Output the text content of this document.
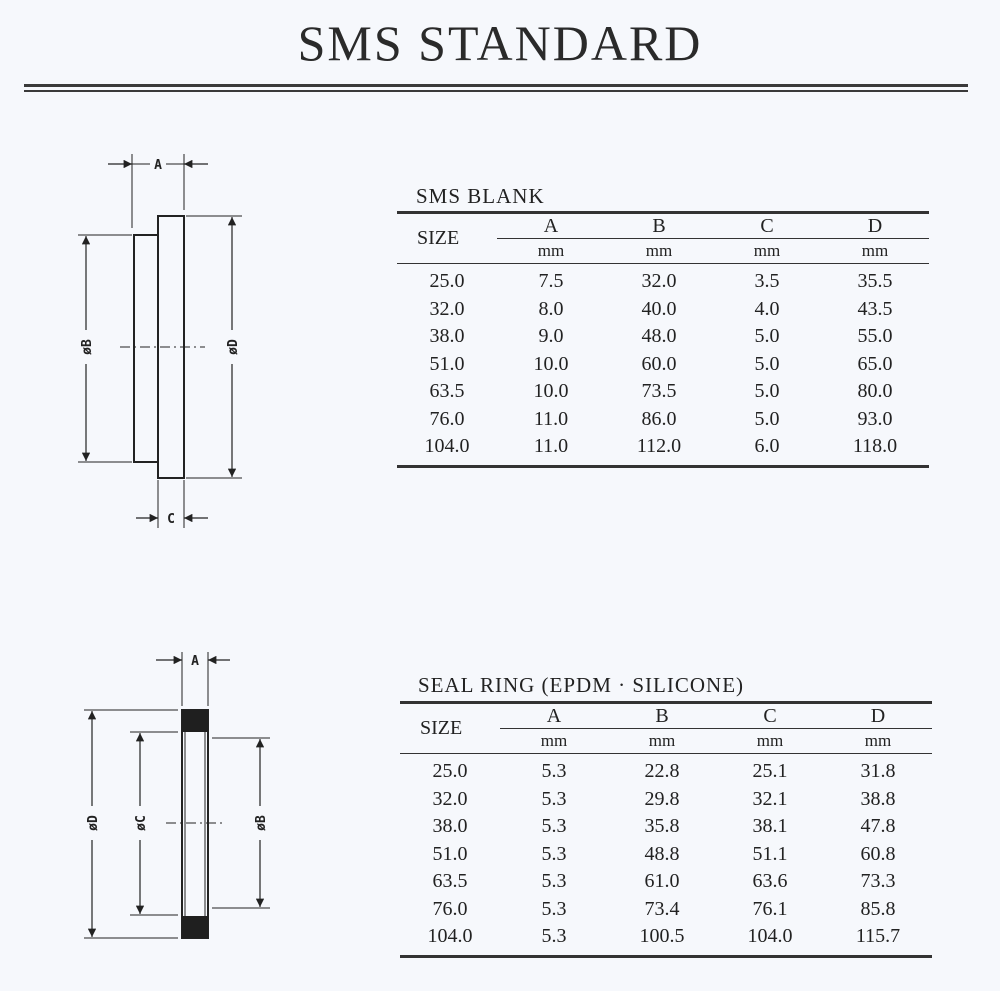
SMS STANDARD
A
øB	øD
C
SMS BLANK
SIZE	A	B	C	D
	mm	mm	mm	mm
25.0	7.5	32.0	3.5	35.5
32.0	8.0	40.0	4.0	43.5
38.0	9.0	48.0	5.0	55.0
51.0	10.0	60.0	5.0	65.0
63.5	10.0	73.5	5.0	80.0
76.0	11.0	86.0	5.0	93.0
104.0	11.0	112.0	6.0	118.0
A
øD	øC	øB
SEAL RING (EPDM · SILICONE)
SIZE	A	B	C	D
	mm	mm	mm	mm
25.0	5.3	22.8	25.1	31.8
32.0	5.3	29.8	32.1	38.8
38.0	5.3	35.8	38.1	47.8
51.0	5.3	48.8	51.1	60.8
63.5	5.3	61.0	63.6	73.3
76.0	5.3	73.4	76.1	85.8
104.0	5.3	100.5	104.0	115.7
